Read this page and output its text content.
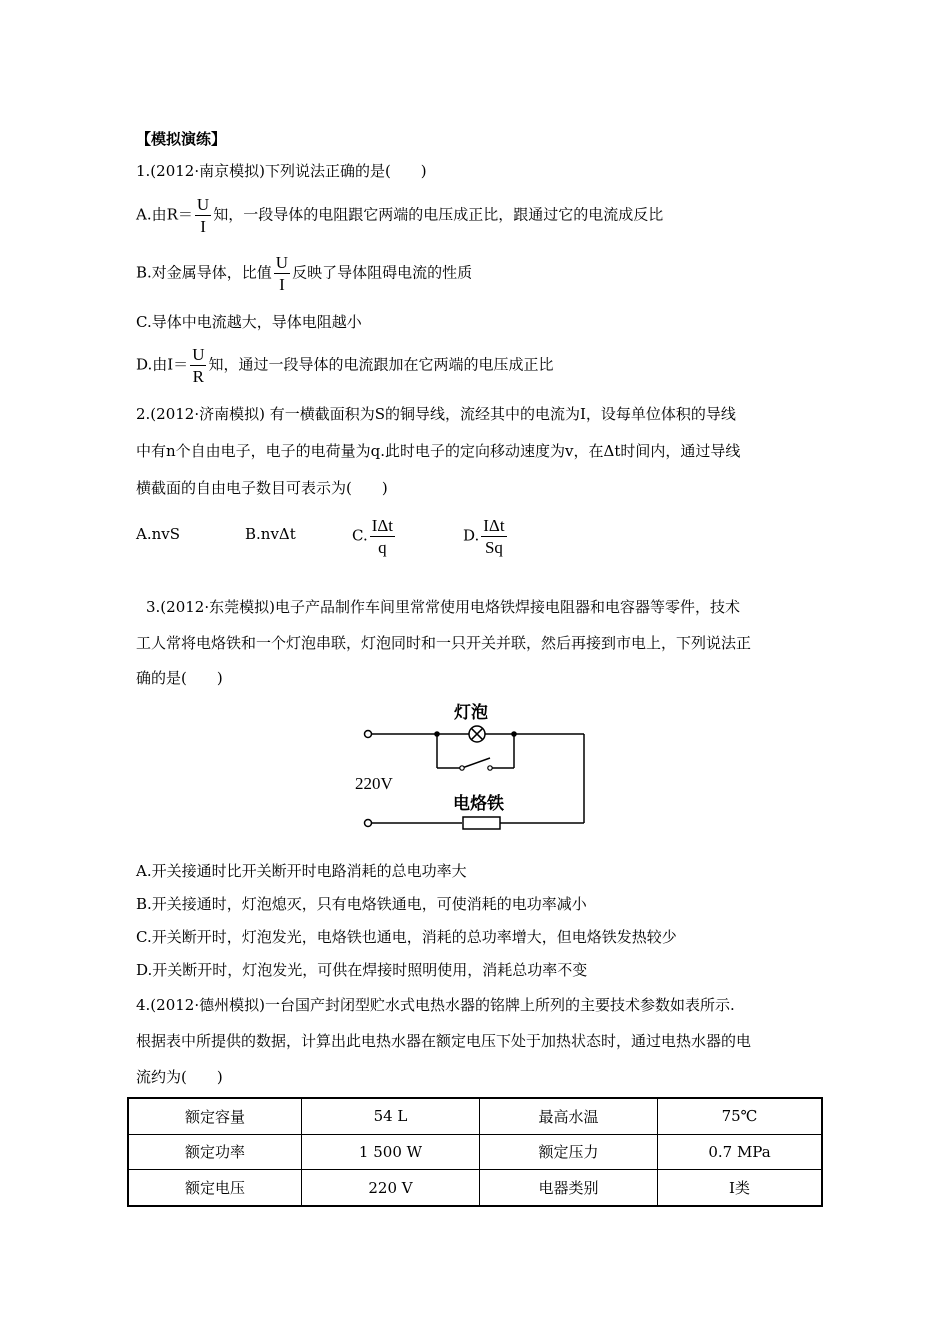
【模拟演练】
1.(2012·南京模拟)下列说法正确的是(　　)
A.由$R= \frac{U}{I}$ 知，一段导体的电阻跟它两端的电压成正比，跟通过它的电流成反比
B.对金属导体，比值 $\frac{U}{I}$ 反映了导体阻碍电流的性质
C.导体中电流越大，导体电阻越小
D.由$I= \frac{U}{R}$ 知，通过一段导体的电流跟加在它两端的电压成正比
2.(2012·济南模拟) 有一横截面积为S的铜导线，流经其中的电流为I，设每单位体积的导线
中有n个自由电子，电子的电荷量为q.此时电子的定向移动速度为v，在Δt时间内，通过导线
横截面的自由电子数目可表示为(　　)
A.nvS	B.nvΔt	C. $\frac{\text{IΔt}}{q}$	D. $\frac{\text{IΔt}}{Sq}$
3.(2012·东莞模拟)电子产品制作车间里常常使用电烙铁焊接电阻器和电容器等零件，技术
工人常将电烙铁和一个灯泡串联，灯泡同时和一只开关并联，然后再接到市电上，下列说法正
确的是(　　)
灯泡
220V
电烙铁
A.开关接通时比开关断开时电路消耗的总电功率大
B.开关接通时，灯泡熄灭，只有电烙铁通电，可使消耗的电功率减小
C.开关断开时，灯泡发光，电烙铁也通电，消耗的总功率增大，但电烙铁发热较少
D.开关断开时，灯泡发光，可供在焊接时照明使用，消耗总功率不变
4.(2012·德州模拟)一台国产封闭型贮水式电热水器的铭牌上所列的主要技术参数如表所示.
根据表中所提供的数据，计算出此电热水器在额定电压下处于加热状态时，通过电热水器的电
流约为(　　)
额定容量	54 L	最高水温	75℃
额定功率	1 500 W	额定压力	0.7 MPa
额定电压	220 V	电器类别	Ⅰ类
